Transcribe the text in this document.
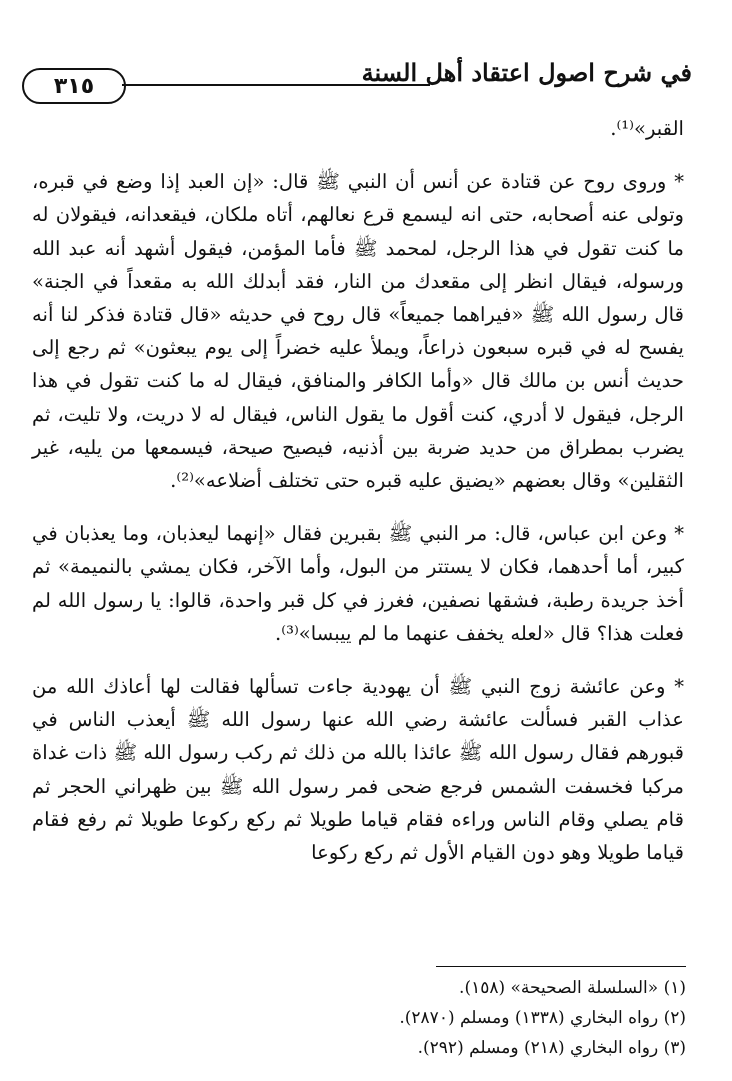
٣١٥	في شرح اصول اعتقاد أهل السنة

القبر»⁽¹⁾.

* وروى روح عن قتادة عن أنس أن النبي ﷺ قال: «إن العبد إذا وضع في قبره، وتولى عنه أصحابه، حتى انه ليسمع قرع نعالهم، أتاه ملكان، فيقعدانه، فيقولان له ما كنت تقول في هذا الرجل، لمحمد ﷺ فأما المؤمن، فيقول أشهد أنه عبد الله ورسوله، فيقال انظر إلى مقعدك من النار، فقد أبدلك الله به مقعداً في الجنة» قال رسول الله ﷺ «فيراهما جميعاً» قال روح في حديثه «قال قتادة فذكر لنا أنه يفسح له في قبره سبعون ذراعاً، ويملأ عليه خضراً إلى يوم يبعثون» ثم رجع إلى حديث أنس بن مالك قال «وأما الكافر والمنافق، فيقال له ما كنت تقول في هذا الرجل، فيقول لا أدري، كنت أقول ما يقول الناس، فيقال له لا دريت، ولا تليت، ثم يضرب بمطراق من حديد ضربة بين أذنيه، فيصيح صيحة، فيسمعها من يليه، غير الثقلين» وقال بعضهم «يضيق عليه قبره حتى تختلف أضلاعه»⁽²⁾.

* وعن ابن عباس، قال: مر النبي ﷺ بقبرين فقال «إنهما ليعذبان، وما يعذبان في كبير، أما أحدهما، فكان لا يستتر من البول، وأما الآخر، فكان يمشي بالنميمة» ثم أخذ جريدة رطبة، فشقها نصفين، فغرز في كل قبر واحدة، قالوا: يا رسول الله لم فعلت هذا؟ قال «لعله يخفف عنهما ما لم ييبسا»⁽³⁾.

* وعن عائشة زوج النبي ﷺ أن يهودية جاءت تسألها فقالت لها أعاذك الله من عذاب القبر فسألت عائشة رضي الله عنها رسول الله ﷺ أيعذب الناس في قبورهم فقال رسول الله ﷺ عائذا بالله من ذلك ثم ركب رسول الله ﷺ ذات غداة مركبا فخسفت الشمس فرجع ضحى فمر رسول الله ﷺ بين ظهراني الحجر ثم قام يصلي وقام الناس وراءه فقام قياما طويلا ثم ركع ركوعا طويلا ثم رفع فقام قياما طويلا وهو دون القيام الأول ثم ركع ركوعا

(١) «السلسلة الصحيحة» (١٥٨).
(٢) رواه البخاري (١٣٣٨) ومسلم (٢٨٧٠).
(٣) رواه البخاري (٢١٨) ومسلم (٢٩٢).
